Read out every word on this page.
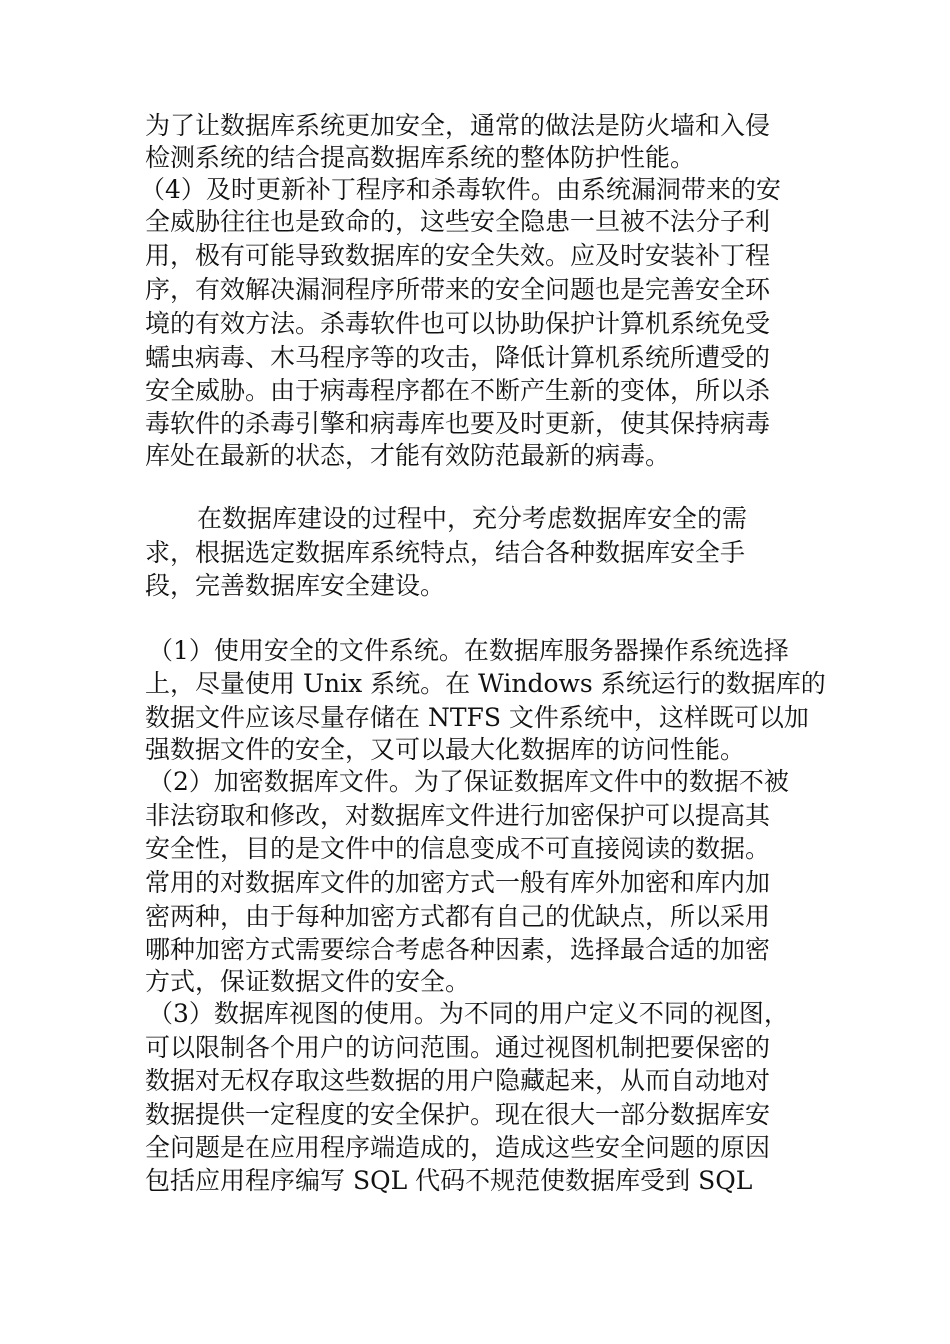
为了让数据库系统更加安全，通常的做法是防火墙和入侵

检测系统的结合提高数据库系统的整体防护性能。

（4）及时更新补丁程序和杀毒软件。由系统漏洞带来的安

全威胁往往也是致命的，这些安全隐患一旦被不法分子利

用，极有可能导致数据库的安全失效。应及时安装补丁程

序，有效解决漏洞程序所带来的安全问题也是完善安全环

境的有效方法。杀毒软件也可以协助保护计算机系统免受

蠕虫病毒、木马程序等的攻击，降低计算机系统所遭受的

安全威胁。由于病毒程序都在不断产生新的变体，所以杀

毒软件的杀毒引擎和病毒库也要及时更新，使其保持病毒

库处在最新的状态，才能有效防范最新的病毒。

在数据库建设的过程中，充分考虑数据库安全的需

求，根据选定数据库系统特点，结合各种数据库安全手

段，完善数据库安全建设。

（1）使用安全的文件系统。在数据库服务器操作系统选择

上，尽量使用 Unix 系统。在 Windows 系统运行的数据库的

数据文件应该尽量存储在 NTFS 文件系统中，这样既可以加

强数据文件的安全，又可以最大化数据库的访问性能。

（2）加密数据库文件。为了保证数据库文件中的数据不被

非法窃取和修改，对数据库文件进行加密保护可以提高其

安全性，目的是文件中的信息变成不可直接阅读的数据。

常用的对数据库文件的加密方式一般有库外加密和库内加

密两种，由于每种加密方式都有自己的优缺点，所以采用

哪种加密方式需要综合考虑各种因素，选择最合适的加密

方式，保证数据文件的安全。

（3）数据库视图的使用。为不同的用户定义不同的视图，

可以限制各个用户的访问范围。通过视图机制把要保密的

数据对无权存取这些数据的用户隐藏起来，从而自动地对

数据提供一定程度的安全保护。现在很大一部分数据库安

全问题是在应用程序端造成的，造成这些安全问题的原因

包括应用程序编写 SQL 代码不规范使数据库受到 SQL
